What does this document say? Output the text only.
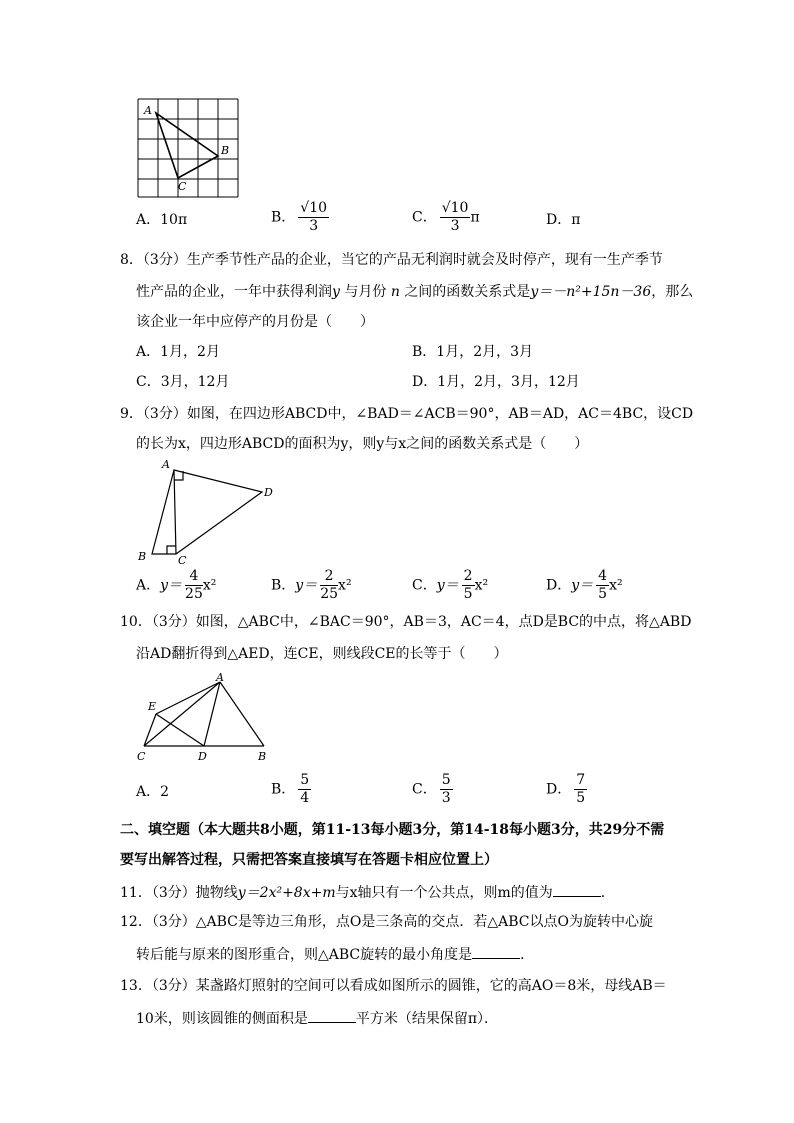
A
B
C
A．10π	B． $\frac{√10}{3}$	C． $\frac{√10}{3}$ π	D．π
8．（3分）生产季节性产品的企业，当它的产品无利润时就会及时停产，现有一生产季节
性产品的企业，一年中获得利润y 与月份 n 之间的函数关系式是y＝－n²+15n－36，那么
该企业一年中应停产的月份是（　　）
A．1月，2月	B．1月，2月，3月
C．3月，12月	D．1月，2月，3月，12月
9．（3分）如图，在四边形ABCD中，∠BAD＝∠ACB＝90°，AB＝AD，AC＝4BC，设CD
的长为x，四边形ABCD的面积为y，则y与x之间的函数关系式是（　　）
A
D
B	C
A．$y= \frac{4}{25} x^2$	B．$y= \frac{2}{25} x^2$	C．$y= \frac{2}{5} x^2$	D．$y= \frac{4}{5} x^2$
10．（3分）如图，△ABC中，∠BAC＝90°，AB＝3，AC＝4，点D是BC的中点，将△ABD
沿AD翻折得到△AED，连CE，则线段CE的长等于（　　）
A
E
C	D	B
A．2	B． $\frac{5}{4}$	C． $\frac{5}{3}$	D． $\frac{7}{5}$
二、填空题（本大题共8小题，第11-13每小题3分，第14-18每小题3分，共29分不需
要写出解答过程，只需把答案直接填写在答题卡相应位置上）
11．（3分）抛物线y＝2x²+8x+m与x轴只有一个公共点，则m的值为	．
12．（3分）△ABC是等边三角形，点O是三条高的交点．若△ABC以点O为旋转中心旋
转后能与原来的图形重合，则△ABC旋转的最小角度是	．
13．（3分）某盏路灯照射的空间可以看成如图所示的圆锥，它的高AO＝8米，母线AB＝
10米，则该圆锥的侧面积是	平方米（结果保留π）．
